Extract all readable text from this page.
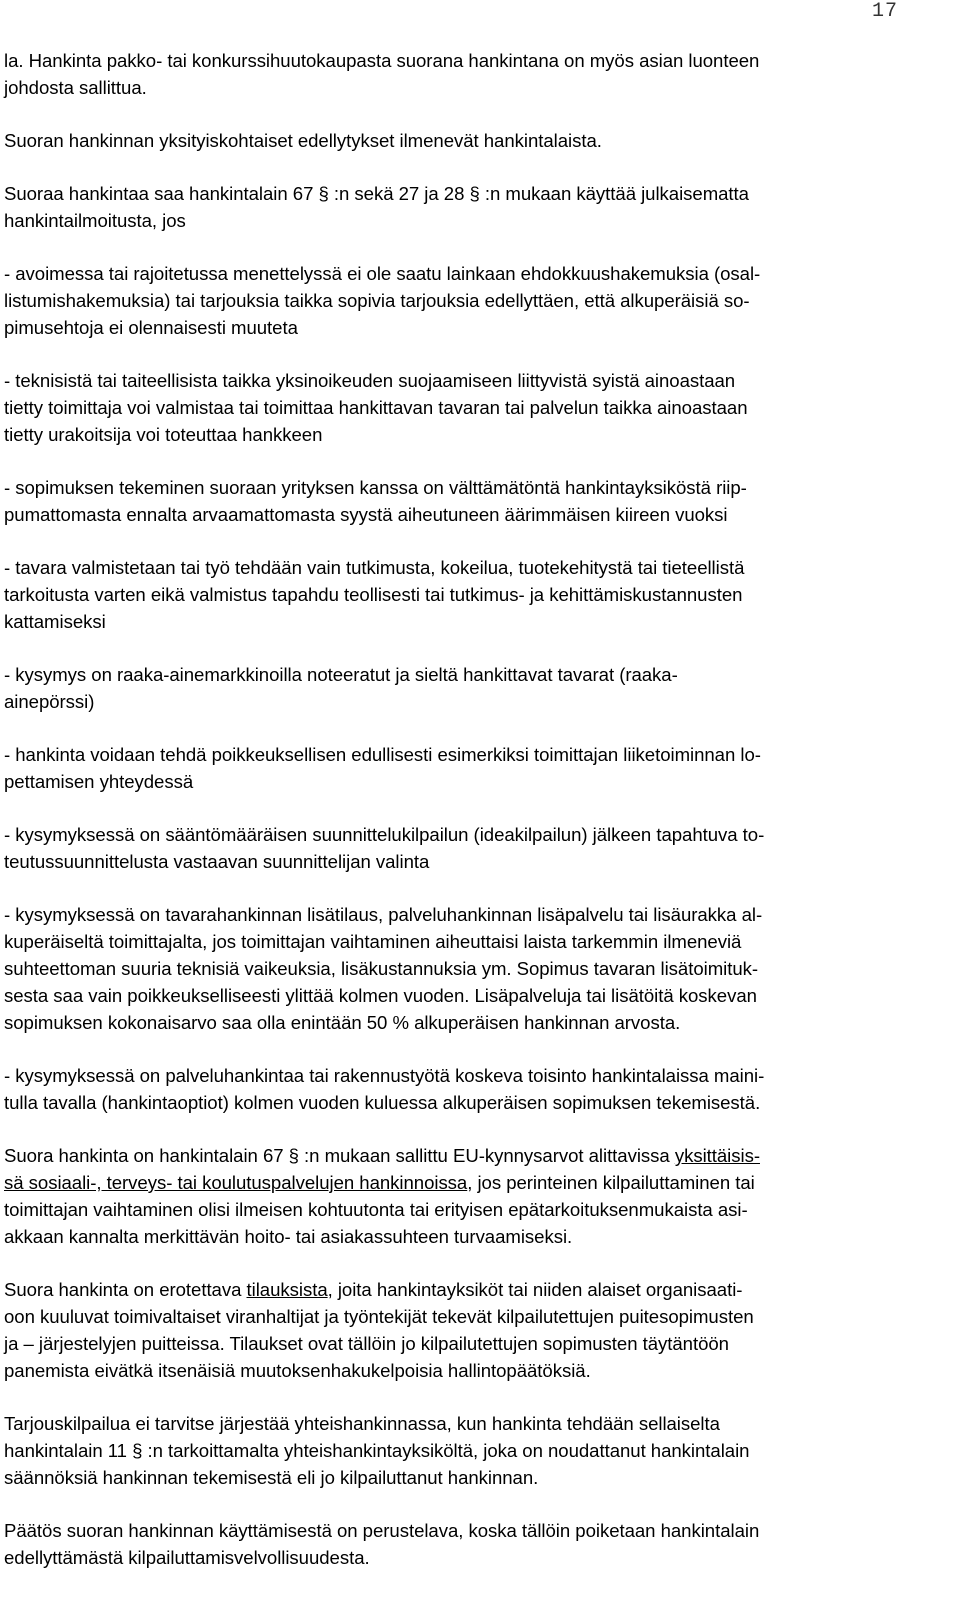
17

la. Hankinta pakko- tai konkurssihuutokaupasta suorana hankintana on myös asian luonteen
johdosta sallittua.

Suoran hankinnan yksityiskohtaiset edellytykset ilmenevät hankintalaista.

Suoraa hankintaa saa hankintalain 67 § :n sekä 27 ja 28 § :n mukaan käyttää julkaisematta
hankintailmoitusta, jos

- avoimessa tai rajoitetussa menettelyssä ei ole saatu lainkaan ehdokkuushakemuksia (osal-
listumishakemuksia) tai tarjouksia taikka sopivia tarjouksia edellyttäen, että alkuperäisiä so-
pimusehtoja ei olennaisesti muuteta

- teknisistä tai taiteellisista taikka yksinoikeuden suojaamiseen liittyvistä syistä ainoastaan
tietty toimittaja voi valmistaa tai toimittaa hankittavan tavaran tai palvelun taikka ainoastaan
tietty urakoitsija voi toteuttaa hankkeen

- sopimuksen tekeminen suoraan yrityksen kanssa on välttämätöntä hankintayksiköstä riip-
pumattomasta ennalta arvaamattomasta syystä aiheutuneen äärimmäisen kiireen vuoksi

- tavara valmistetaan tai työ tehdään vain tutkimusta, kokeilua, tuotekehitystä tai tieteellistä
tarkoitusta varten eikä valmistus tapahdu teollisesti tai tutkimus- ja kehittämiskustannusten
kattamiseksi

- kysymys on raaka-ainemarkkinoilla noteeratut ja sieltä hankittavat tavarat (raaka-
ainepörssi)

- hankinta voidaan tehdä poikkeuksellisen edullisesti esimerkiksi toimittajan liiketoiminnan lo-
pettamisen yhteydessä

- kysymyksessä on sääntömääräisen suunnittelukilpailun (ideakilpailun) jälkeen tapahtuva to-
teutussuunnittelusta vastaavan suunnittelijan valinta

- kysymyksessä on tavarahankinnan lisätilaus, palveluhankinnan lisäpalvelu tai lisäurakka al-
kuperäiseltä toimittajalta, jos toimittajan vaihtaminen aiheuttaisi laista tarkemmin ilmeneviä
suhteettoman suuria teknisiä vaikeuksia, lisäkustannuksia ym. Sopimus tavaran lisätoimituk-
sesta saa vain poikkeukselliseesti ylittää kolmen vuoden. Lisäpalveluja tai lisätöitä koskevan
sopimuksen kokonaisarvo saa olla enintään 50 % alkuperäisen hankinnan arvosta.

- kysymyksessä on palveluhankintaa tai rakennustyötä koskeva toisinto hankintalaissa maini-
tulla tavalla (hankintaoptiot) kolmen vuoden kuluessa alkuperäisen sopimuksen tekemisestä.

Suora hankinta on hankintalain 67 § :n mukaan sallittu EU-kynnysarvot alittavissa yksittäisis-
sä sosiaali-, terveys- tai koulutuspalvelujen hankinnoissa, jos perinteinen kilpailuttaminen tai
toimittajan vaihtaminen olisi ilmeisen kohtuutonta tai erityisen epätarkoituksenmukaista asi-
akkaan kannalta merkittävän hoito- tai asiakassuhteen turvaamiseksi.

Suora hankinta on erotettava tilauksista, joita hankintayksiköt tai niiden alaiset organisaati-
oon kuuluvat toimivaltaiset viranhaltijat ja työntekijät tekevät kilpailutettujen puitesopimusten
ja – järjestelyjen puitteissa. Tilaukset ovat tällöin jo kilpailutettujen sopimusten täytäntöön
panemista eivätkä itsenäisiä muutoksenhakukelpoisia hallintopäätöksiä.

Tarjouskilpailua ei tarvitse järjestää yhteishankinnassa, kun hankinta tehdään sellaiselta
hankintalain 11 § :n tarkoittamalta yhteishankintayksiköltä, joka on noudattanut hankintalain
säännöksiä hankinnan tekemisestä eli jo kilpailuttanut hankinnan.

Päätös suoran hankinnan käyttämisestä on perustelava, koska tällöin poiketaan hankintalain
edellyttämästä kilpailuttamisvelvollisuudesta.
